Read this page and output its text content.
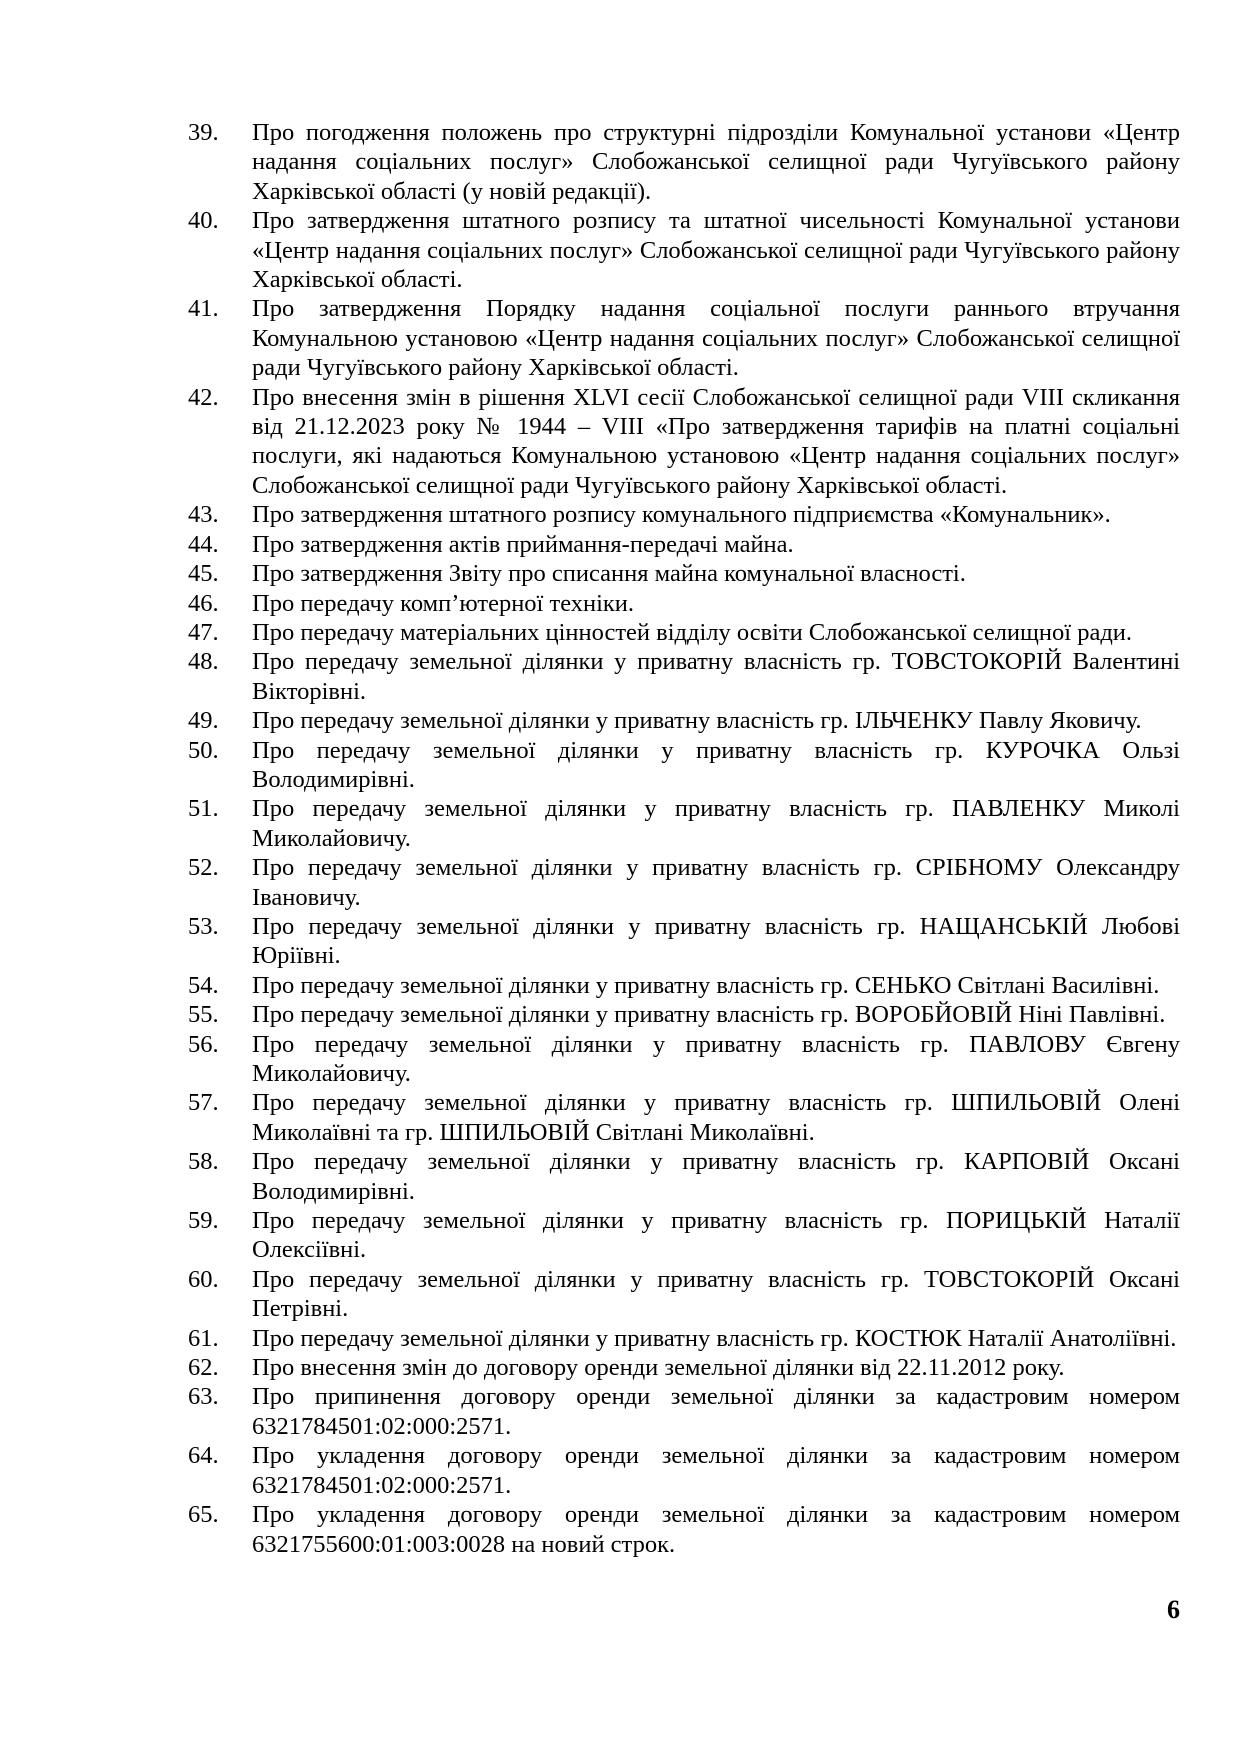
39.	Про погодження положень про структурні підрозділи Комунальної установи «Центр надання соціальних послуг» Слобожанської селищної ради Чугуївського району Харківської області (у новій редакції).
40.	Про затвердження штатного розпису та штатної чисельності Комунальної установи «Центр надання соціальних послуг» Слобожанської селищної ради Чугуївського району Харківської області.
41.	Про затвердження Порядку надання соціальної послуги раннього втручання Комунальною установою «Центр надання соціальних послуг» Слобожанської селищної ради Чугуївського району Харківської області.
42.	Про внесення змін в рішення XLVI сесії Слобожанської селищної ради VIII скликання від 21.12.2023 року № 1944 – VIII «Про затвердження тарифів на платні соціальні послуги, які надаються Комунальною установою «Центр надання соціальних послуг» Слобожанської селищної ради Чугуївського району Харківської області.
43.	Про затвердження штатного розпису комунального підприємства «Комунальник».
44.	Про затвердження актів приймання-передачі майна.
45.	Про затвердження Звіту про списання майна комунальної власності.
46.	Про передачу комп’ютерної техніки.
47.	Про передачу матеріальних цінностей відділу освіти Слобожанської селищної ради.
48.	Про передачу земельної ділянки у приватну власність гр. ТОВСТОКОРІЙ Валентині Вікторівні.
49.	Про передачу земельної ділянки у приватну власність гр. ІЛЬЧЕНКУ Павлу Яковичу.
50.	Про передачу земельної ділянки у приватну власність гр. КУРОЧКА Ользі Володимирівні.
51.	Про передачу земельної ділянки у приватну власність гр. ПАВЛЕНКУ Миколі Миколайовичу.
52.	Про передачу земельної ділянки у приватну власність гр. СРІБНОМУ Олександру Івановичу.
53.	Про передачу земельної ділянки у приватну власність гр. НАЩАНСЬКІЙ Любові Юріївні.
54.	Про передачу земельної ділянки у приватну власність гр. СЕНЬКО Світлані Василівні.
55.	Про передачу земельної ділянки у приватну власність гр. ВОРОБЙОВІЙ Ніні Павлівні.
56.	Про передачу земельної ділянки у приватну власність гр. ПАВЛОВУ Євгену Миколайовичу.
57.	Про передачу земельної ділянки у приватну власність гр. ШПИЛЬОВІЙ Олені Миколаївні та гр. ШПИЛЬОВІЙ Світлані Миколаївні.
58.	Про передачу земельної ділянки у приватну власність гр. КАРПОВІЙ Оксані Володимирівні.
59.	Про передачу земельної ділянки у приватну власність гр. ПОРИЦЬКІЙ Наталії Олексіївні.
60.	Про передачу земельної ділянки у приватну власність гр. ТОВСТОКОРІЙ Оксані Петрівні.
61.	Про передачу земельної ділянки у приватну власність гр. КОСТЮК Наталії Анатоліївні.
62.	Про внесення змін до договору оренди земельної ділянки від 22.11.2012 року.
63.	Про припинення договору оренди земельної ділянки за кадастровим номером 6321784501:02:000:2571.
64.	Про укладення договору оренди земельної ділянки за кадастровим номером 6321784501:02:000:2571.
65.	Про укладення договору оренди земельної ділянки за кадастровим номером 6321755600:01:003:0028 на новий строк.
6
